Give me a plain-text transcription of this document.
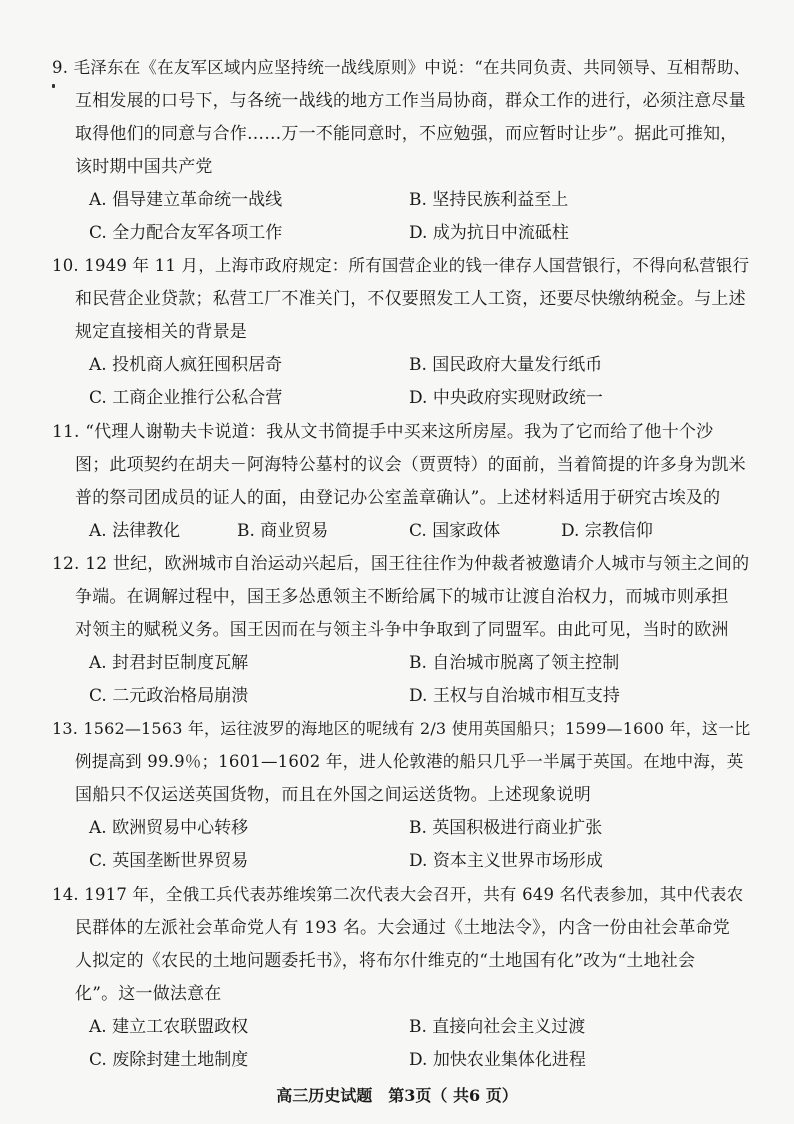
9. 毛泽东在《在友军区域内应坚持统一战线原则》中说：“在共同负责、共同领导、互相帮助、
互相发展的口号下，与各统一战线的地方工作当局协商，群众工作的进行，必须注意尽量
取得他们的同意与合作……万一不能同意时，不应勉强，而应暂时让步”。据此可推知，
该时期中国共产党
A. 倡导建立革命统一战线	B. 坚持民族利益至上
C. 全力配合友军各项工作	D. 成为抗日中流砥柱
10. 1949 年 11 月，上海市政府规定：所有国营企业的钱一律存人国营银行，不得向私营银行
和民营企业贷款；私营工厂不准关门，不仅要照发工人工资，还要尽快缴纳税金。与上述
规定直接相关的背景是
A. 投机商人疯狂囤积居奇	B. 国民政府大量发行纸币
C. 工商企业推行公私合营	D. 中央政府实现财政统一
11. “代理人谢勒夫卡说道：我从文书简提手中买来这所房屋。我为了它而给了他十个沙
图；此项契约在胡夫－阿海特公墓村的议会（贾贾特）的面前，当着简提的许多身为凯米
普的祭司团成员的证人的面，由登记办公室盖章确认”。上述材料适用于研究古埃及的
A. 法律教化	B. 商业贸易	C. 国家政体	D. 宗教信仰
12. 12 世纪，欧洲城市自治运动兴起后，国王往往作为仲裁者被邀请介人城市与领主之间的
争端。在调解过程中，国王多怂恿领主不断给属下的城市让渡自治权力，而城市则承担
对领主的赋税义务。国王因而在与领主斗争中争取到了同盟军。由此可见，当时的欧洲
A. 封君封臣制度瓦解	B. 自治城市脱离了领主控制
C. 二元政治格局崩溃	D. 王权与自治城市相互支持
13. 1562—1563 年，运往波罗的海地区的呢绒有 2/3 使用英国船只；1599—1600 年，这一比
例提高到 99.9％；1601—1602 年，进人伦敦港的船只几乎一半属于英国。在地中海，英
国船只不仅运送英国货物，而且在外国之间运送货物。上述现象说明
A. 欧洲贸易中心转移	B. 英国积极进行商业扩张
C. 英国垄断世界贸易	D. 资本主义世界市场形成
14. 1917 年，全俄工兵代表苏维埃第二次代表大会召开，共有 649 名代表参加，其中代表农
民群体的左派社会革命党人有 193 名。大会通过《土地法令》，内含一份由社会革命党
人拟定的《农民的土地问题委托书》，将布尔什维克的“土地国有化”改为“土地社会
化”。这一做法意在
A. 建立工农联盟政权	B. 直接向社会主义过渡
C. 废除封建土地制度	D. 加快农业集体化进程
高三历史试题　第3页（ 共6 页）
